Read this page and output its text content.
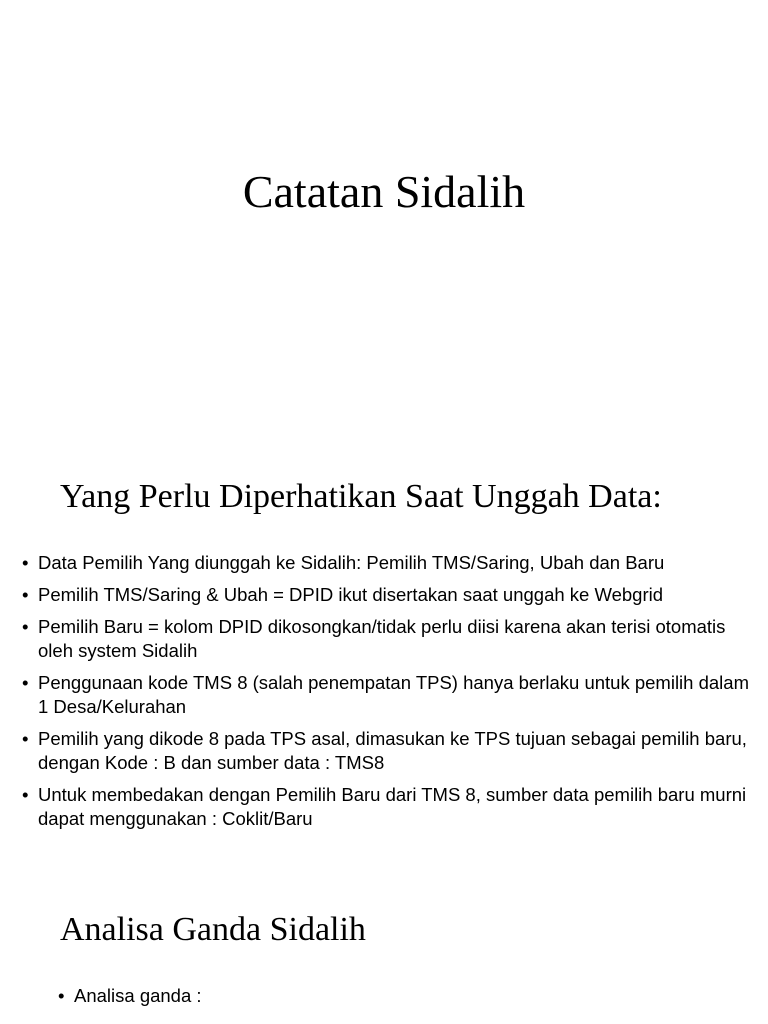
Catatan Sidalih
Yang Perlu Diperhatikan Saat Unggah Data:
• Data Pemilih Yang diunggah ke Sidalih: Pemilih TMS/Saring, Ubah dan Baru
• Pemilih TMS/Saring & Ubah = DPID ikut disertakan saat unggah ke Webgrid
• Pemilih Baru = kolom DPID dikosongkan/tidak perlu diisi karena akan terisi otomatis oleh system Sidalih
• Penggunaan kode TMS 8 (salah penempatan TPS) hanya berlaku untuk pemilih dalam 1 Desa/Kelurahan
• Pemilih yang dikode 8 pada TPS asal, dimasukan ke TPS tujuan sebagai pemilih baru, dengan Kode : B dan sumber data : TMS8
• Untuk membedakan dengan Pemilih Baru dari TMS 8, sumber data pemilih baru murni dapat menggunakan : Coklit/Baru
Analisa Ganda Sidalih
• Analisa ganda :
